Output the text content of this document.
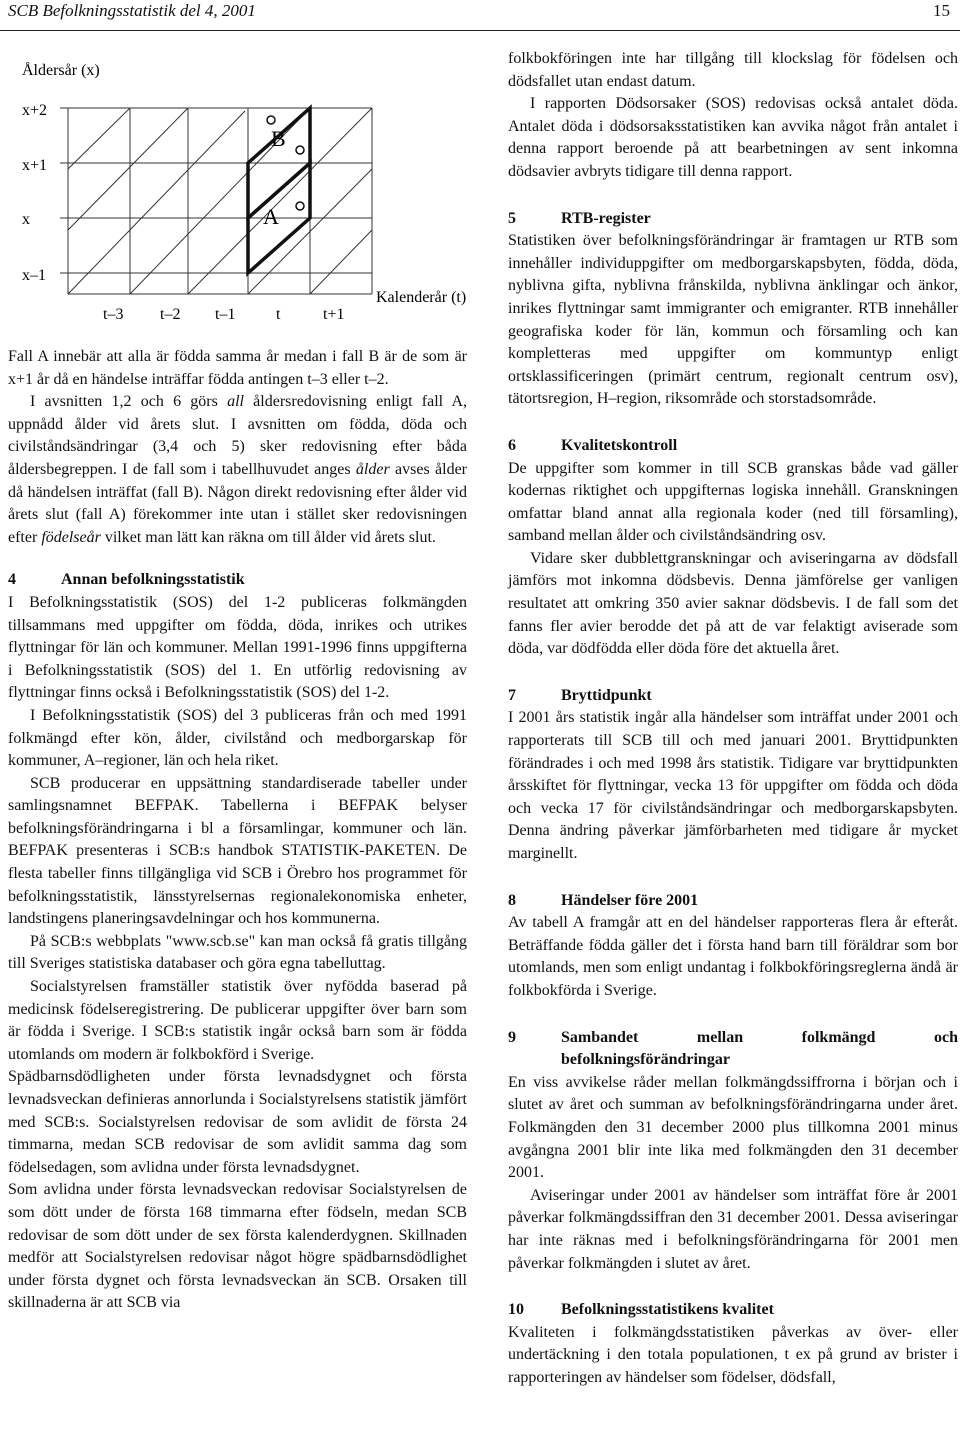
SCB Befolkningsstatistik del 4, 2001	15
Åldersår (x)
B
A
x+2
x+1
x
x–1
t–3 t–2 t–1	t	t+1
Kalenderår (t)

Fall A innebär att alla är födda samma år medan i fall B är de som är x+1 år då en händelse inträffar födda antingen t–3 eller t–2.

I avsnitten 1,2 och 6 görs all åldersredovisning enligt fall A, uppnådd ålder vid årets slut. I avsnitten om födda, döda och civilståndsändringar (3,4 och 5) sker redovisning efter båda åldersbegreppen. I de fall som i tabellhuvudet anges ålder avses ålder då händelsen inträffat (fall B). Någon direkt redovisning efter ålder vid årets slut (fall A) förekommer inte utan i stället sker redovisningen efter födelseår vilket man lätt kan räkna om till ålder vid årets slut.

4	Annan befolkningsstatistik

I Befolkningsstatistik (SOS) del 1-2 publiceras folkmängden tillsammans med uppgifter om födda, döda, inrikes och utrikes flyttningar för län och kommuner. Mellan 1991-1996 finns uppgifterna i Befolkningsstatistik (SOS) del 1. En utförlig redovisning av flyttningar finns också i Befolkningsstatistik (SOS) del 1-2.

I Befolkningsstatistik (SOS) del 3 publiceras från och med 1991 folkmängd efter kön, ålder, civilstånd och medborgarskap för kommuner, A–regioner, län och hela riket.

SCB producerar en uppsättning standardiserade tabeller under samlingsnamnet BEFPAK. Tabellerna i BEFPAK belyser befolkningsförändringarna i bl a församlingar, kommuner och län. BEFPAK presenteras i SCB:s handbok STATISTIK-PAKETEN. De flesta tabeller finns tillgängliga vid SCB i Örebro hos programmet för befolkningsstatistik, länsstyrelsernas regionalekonomiska enheter, landstingens planeringsavdelningar och hos kommunerna.

På SCB:s webbplats "www.scb.se" kan man också få gratis tillgång till Sveriges statistiska databaser och göra egna tabelluttag.

Socialstyrelsen framställer statistik över nyfödda baserad på medicinsk födelseregistrering. De publicerar uppgifter över barn som är födda i Sverige. I SCB:s statistik ingår också barn som är födda utomlands om modern är folkbokförd i Sverige.

Spädbarnsdödligheten under första levnadsdygnet och första levnadsveckan definieras annorlunda i Socialstyrelsens statistik jämfört med SCB:s. Socialstyrelsen redovisar de som avlidit de första 24 timmarna, medan SCB redovisar de som avlidit samma dag som födelsedagen, som avlidna under första levnadsdygnet.

Som avlidna under första levnadsveckan redovisar Socialstyrelsen de som dött under de första 168 timmarna efter födseln, medan SCB redovisar de som dött under de sex första kalenderdygnen. Skillnaden medför att Socialstyrelsen redovisar något högre spädbarnsdödlighet under första dygnet och första levnadsveckan än SCB. Orsaken till skillnaderna är att SCB via

folkbokföringen inte har tillgång till klockslag för födelsen och dödsfallet utan endast datum.

I rapporten Dödsorsaker (SOS) redovisas också antalet döda. Antalet döda i dödsorsaksstatistiken kan avvika något från antalet i denna rapport beroende på att bearbetningen av sent inkomna dödsavier avbryts tidigare till denna rapport.

5	RTB-register

Statistiken över befolkningsförändringar är framtagen ur RTB som innehåller individuppgifter om medborgarskapsbyten, födda, döda, nyblivna gifta, nyblivna frånskilda, nyblivna änklingar och änkor, inrikes flyttningar samt immigranter och emigranter. RTB innehåller geografiska koder för län, kommun och församling och kan kompletteras med uppgifter om kommuntyp enligt ortsklassificeringen (primärt centrum, regionalt centrum osv), tätortsregion, H–region, riksområde och storstadsområde.

6	Kvalitetskontroll

De uppgifter som kommer in till SCB granskas både vad gäller kodernas riktighet och uppgifternas logiska innehåll. Granskningen omfattar bland annat alla regionala koder (ned till församling), samband mellan ålder och civilståndsändring osv.

Vidare sker dubblettgranskningar och aviseringarna av dödsfall jämförs mot inkomna dödsbevis. Denna jämförelse ger vanligen resultatet att omkring 350 avier saknar dödsbevis. I de fall som det fanns fler avier berodde det på att de var felaktigt aviserade som döda, var dödfödda eller döda före det aktuella året.

7	Bryttidpunkt

I 2001 års statistik ingår alla händelser som inträffat under 2001 och rapporterats till SCB till och med januari 2001. Bryttidpunkten förändrades i och med 1998 års statistik. Tidigare var bryttidpunkten årsskiftet för flyttningar, vecka 13 för uppgifter om födda och döda och vecka 17 för civilståndsändringar och medborgarskapsbyten. Denna ändring påverkar jämförbarheten med tidigare år mycket marginellt.

8	Händelser före 2001

Av tabell A framgår att en del händelser rapporteras flera år efteråt. Beträffande födda gäller det i första hand barn till föräldrar som bor utomlands, men som enligt undantag i folkbokföringsreglerna ändå är folkbokförda i Sverige.

9	Sambandet mellan folkmängd och befolkningsförändringar

En viss avvikelse råder mellan folkmängdssiffrorna i början och i slutet av året och summan av befolkningsförändringarna under året. Folkmängden den 31 december 2000 plus tillkomna 2001 minus avgångna 2001 blir inte lika med folkmängden den 31 december 2001.

Aviseringar under 2001 av händelser som inträffat före år 2001 påverkar folkmängdssiffran den 31 december 2001. Dessa aviseringar har inte räknas med i befolkningsförändringarna för 2001 men påverkar folkmängden i slutet av året.

10	Befolkningsstatistikens kvalitet

Kvaliteten i folkmängdsstatistiken påverkas av över- eller undertäckning i den totala populationen, t ex på grund av brister i rapporteringen av händelser som födelser, dödsfall,
